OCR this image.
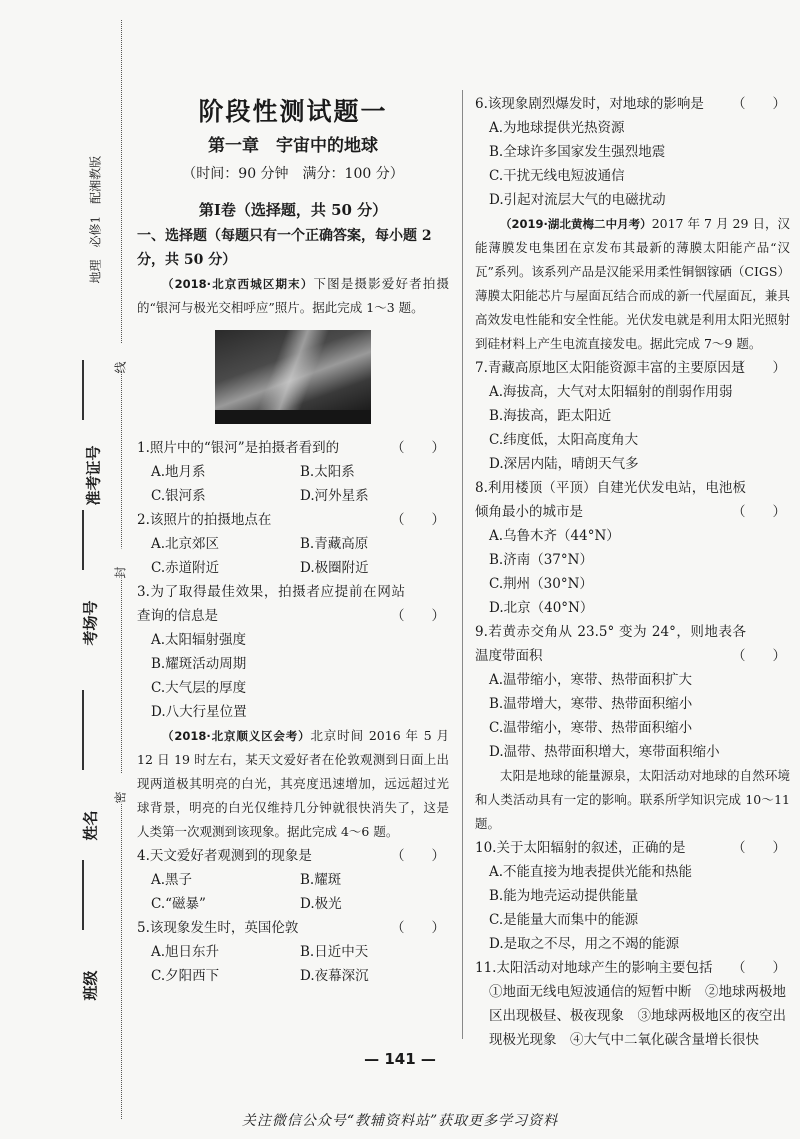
地理　必修1　配湘教版
准考证号
考场号
姓名
班级
线
封
密
阶段性测试题一
第一章　宇宙中的地球
（时间：90 分钟　满分：100 分）
第Ⅰ卷（选择题，共 50 分）
一、选择题（每题只有一个正确答案，每小题 2 分，共 50 分）
（2018·北京西城区期末）下图是摄影爱好者拍摄的“银河与极光交相呼应”照片。据此完成 1～3 题。
1.照片中的“银河”是拍摄者看到的	（　　）
A.地月系	B.太阳系
C.银河系	D.河外星系
2.该照片的拍摄地点在	（　　）
A.北京郊区	B.青藏高原
C.赤道附近	D.极圈附近
3.为了取得最佳效果，拍摄者应提前在网站查询的信息是	（　　）
A.太阳辐射强度
B.耀斑活动周期
C.大气层的厚度
D.八大行星位置
（2018·北京顺义区会考）北京时间 2016 年 5 月 12 日 19 时左右，某天文爱好者在伦敦观测到日面上出现两道极其明亮的白光，其亮度迅速增加，远远超过光球背景，明亮的白光仅维持几分钟就很快消失了，这是人类第一次观测到该现象。据此完成 4～6 题。
4.天文爱好者观测到的现象是	（　　）
A.黑子	B.耀斑
C.“磁暴”	D.极光
5.该现象发生时，英国伦敦	（　　）
A.旭日东升	B.日近中天
C.夕阳西下	D.夜幕深沉
6.该现象剧烈爆发时，对地球的影响是 （　　）
A.为地球提供光热资源
B.全球许多国家发生强烈地震
C.干扰无线电短波通信
D.引起对流层大气的电磁扰动
（2019·湖北黄梅二中月考）2017 年 7 月 29 日，汉能薄膜发电集团在京发布其最新的薄膜太阳能产品“汉瓦”系列。该系列产品是汉能采用柔性铜铟镓硒（CIGS）薄膜太阳能芯片与屋面瓦结合而成的新一代屋面瓦，兼具高效发电性能和安全性能。光伏发电就是利用太阳光照射到硅材料上产生电流直接发电。据此完成 7～9 题。
7.青藏高原地区太阳能资源丰富的主要原因是
（　　）
A.海拔高，大气对太阳辐射的削弱作用弱
B.海拔高，距太阳近
C.纬度低，太阳高度角大
D.深居内陆，晴朗天气多
8.利用楼顶（平顶）自建光伏发电站，电池板倾角最小的城市是	（　　）
A.乌鲁木齐（44°N）
B.济南（37°N）
C.荆州（30°N）
D.北京（40°N）
9.若黄赤交角从 23.5° 变为 24°，则地表各温度带面积	（　　）
A.温带缩小，寒带、热带面积扩大
B.温带增大，寒带、热带面积缩小
C.温带缩小，寒带、热带面积缩小
D.温带、热带面积增大，寒带面积缩小
太阳是地球的能量源泉，太阳活动对地球的自然环境和人类活动具有一定的影响。联系所学知识完成 10～11 题。
10.关于太阳辐射的叙述，正确的是	（　　）
A.不能直接为地表提供光能和热能
B.能为地壳运动提供能量
C.是能量大而集中的能源
D.是取之不尽，用之不竭的能源
11.太阳活动对地球产生的影响主要包括 （　　）
①地面无线电短波通信的短暂中断　②地球两极地区出现极昼、极夜现象　③地球两极地区的夜空出现极光现象　④大气中二氧化碳含量增长很快
— 141 —
关注微信公众号“教辅资料站”获取更多学习资料
